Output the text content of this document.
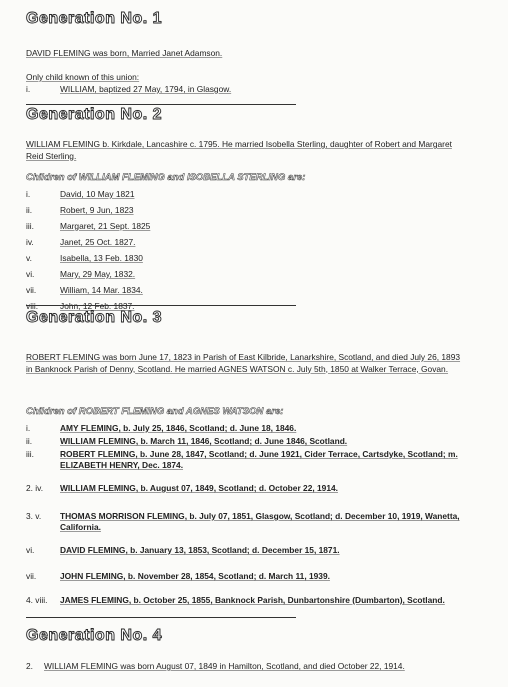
Generation No. 1
DAVID FLEMING was born, Married Janet Adamson.
Only child known of this union:
i.	WILLIAM, baptized 27 May, 1794, in Glasgow.
Generation No. 2
WILLIAM FLEMING b. Kirkdale, Lancashire c. 1795. He married Isobella Sterling, daughter of Robert and Margaret Reid Sterling.
Children of WILLIAM FLEMING and ISOBELLA STERLING are:
i.	David, 10 May 1821
ii.	Robert, 9 Jun, 1823
iii.	Margaret, 21 Sept. 1825
iv.	Janet, 25 Oct. 1827.
v.	Isabella, 13 Feb. 1830
vi.	Mary, 29 May, 1832.
vii.	William, 14 Mar. 1834.
viii.	John, 12 Feb. 1837.
Generation No. 3
ROBERT FLEMING was born June 17, 1823 in Parish of East Kilbride, Lanarkshire, Scotland, and died July 26, 1893 in Banknock Parish of Denny, Scotland. He married AGNES WATSON c. July 5th, 1850 at Walker Terrace, Govan.
Children of ROBERT FLEMING and AGNES WATSON are:
i.	AMY FLEMING, b. July 25, 1846, Scotland; d. June 18, 1846.
ii.	WILLIAM FLEMING, b. March 11, 1846, Scotland; d. June 1846, Scotland.
iii.	ROBERT FLEMING, b. June 28, 1847, Scotland; d. June 1921, Cider Terrace, Cartsdyke, Scotland; m. ELIZABETH HENRY, Dec. 1874.
2. iv.	WILLIAM FLEMING, b. August 07, 1849, Scotland; d. October 22, 1914.
3. v.	THOMAS MORRISON FLEMING, b. July 07, 1851, Glasgow, Scotland; d. December 10, 1919, Wanetta, California.
vi.	DAVID FLEMING, b. January 13, 1853, Scotland; d. December 15, 1871.
vii.	JOHN FLEMING, b. November 28, 1854, Scotland; d. March 11, 1939.
4. viii.	JAMES FLEMING, b. October 25, 1855, Banknock Parish, Dunbartonshire (Dumbarton), Scotland.
Generation No. 4
2.	WILLIAM FLEMING was born August 07, 1849 in Hamilton, Scotland, and died October 22, 1914.
